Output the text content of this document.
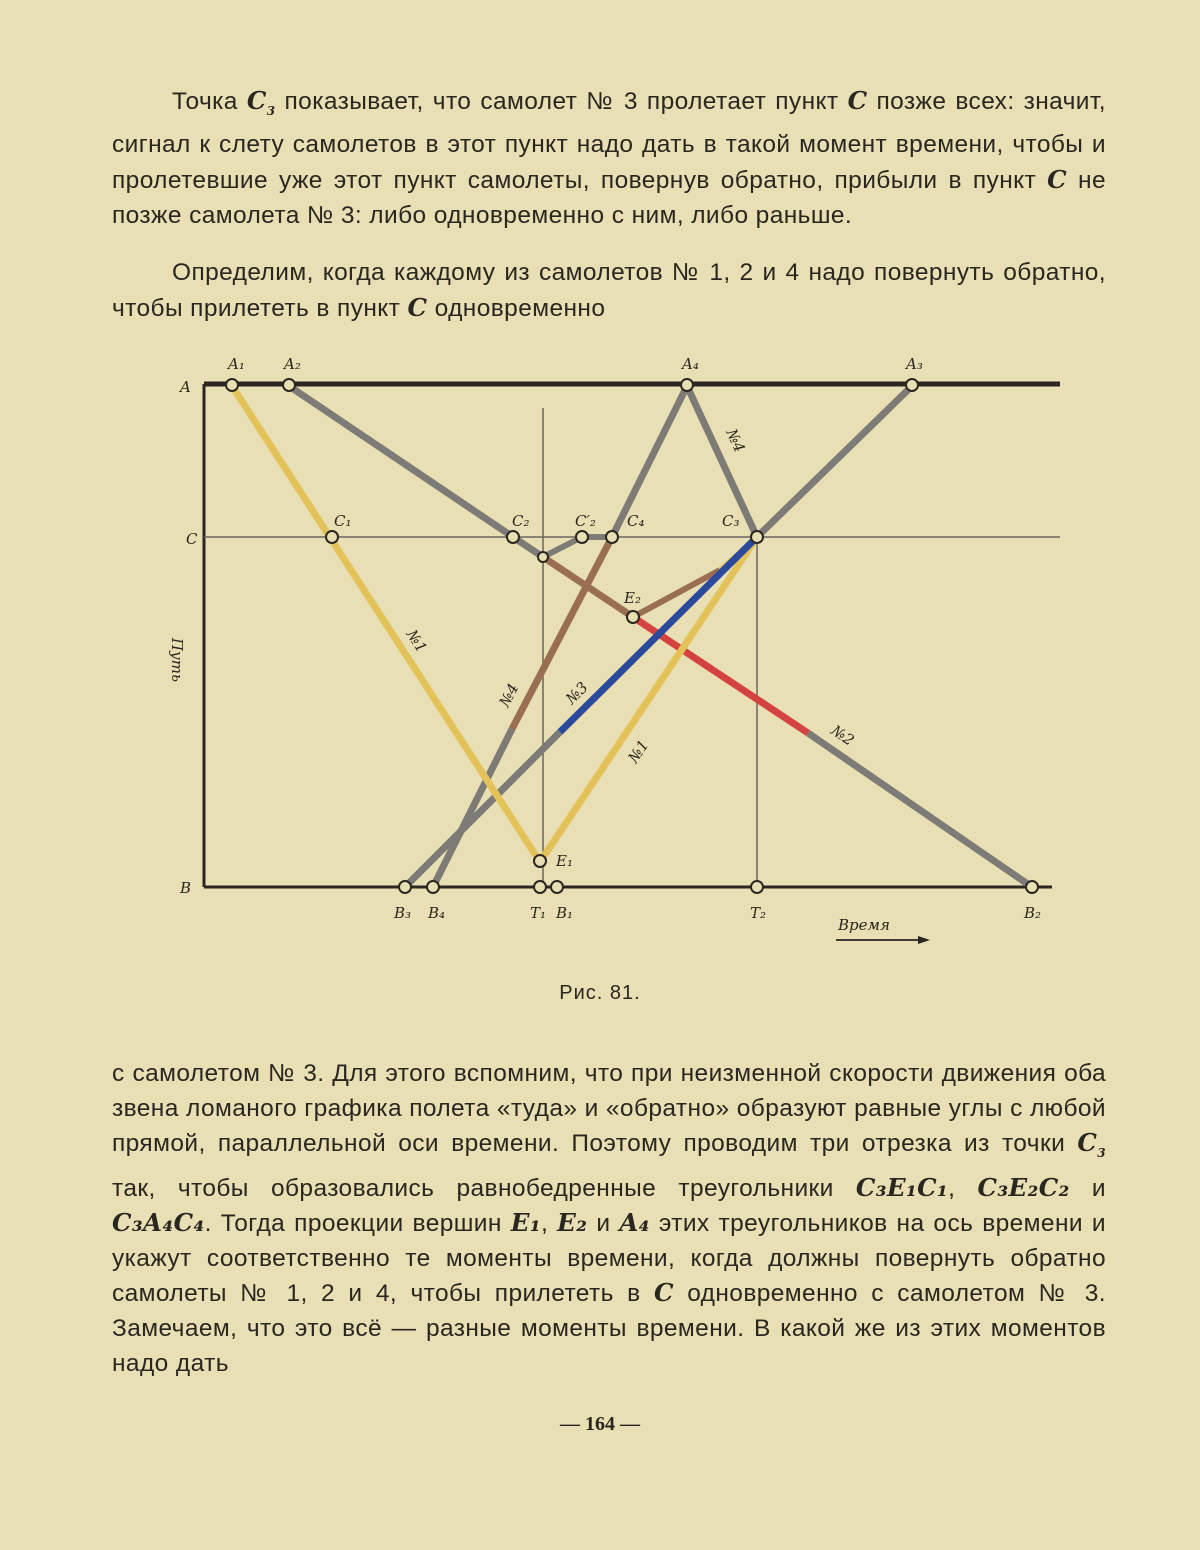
Точка $C_3$ показывает, что самолет № 3 пролетает пункт C позже всех: значит, сигнал к слету самолетов в этот пункт надо дать в такой момент времени, чтобы и пролетевшие уже этот пункт самолеты, повернув обратно, прибыли в пункт C не позже самолета № 3: либо одновременно с ним, либо раньше.
Определим, когда каждому из самолетов № 1, 2 и 4 надо повернуть обратно, чтобы прилететь в пункт C одновременно
A
C
B
Путь
Время
A₁	A₂	A₄	A₃
C₁	C₂	C′₂ C₄	C₃
E₂
E₁
B₃ B₄	T₁ B₁	T₂	B₂
№1
№1
№2
№3
№4
№4
Рис. 81.
с самолетом № 3. Для этого вспомним, что при неизменной скорости движения оба звена ломаного графика полета «туда» и «обратно» образуют равные углы с любой прямой, параллельной оси времени. Поэтому проводим три отрезка из точки $C_3$ так, чтобы образовались равнобедренные треугольники C₃E₁C₁, C₃E₂C₂ и C₃A₄C₄. Тогда проекции вершин E₁, E₂ и A₄ этих треугольников на ось времени и укажут соответственно те моменты времени, когда должны повернуть обратно самолеты № 1, 2 и 4, чтобы прилететь в C одновременно с самолетом № 3. Замечаем, что это всё — разные моменты времени. В какой же из этих моментов надо дать
— 164 —
